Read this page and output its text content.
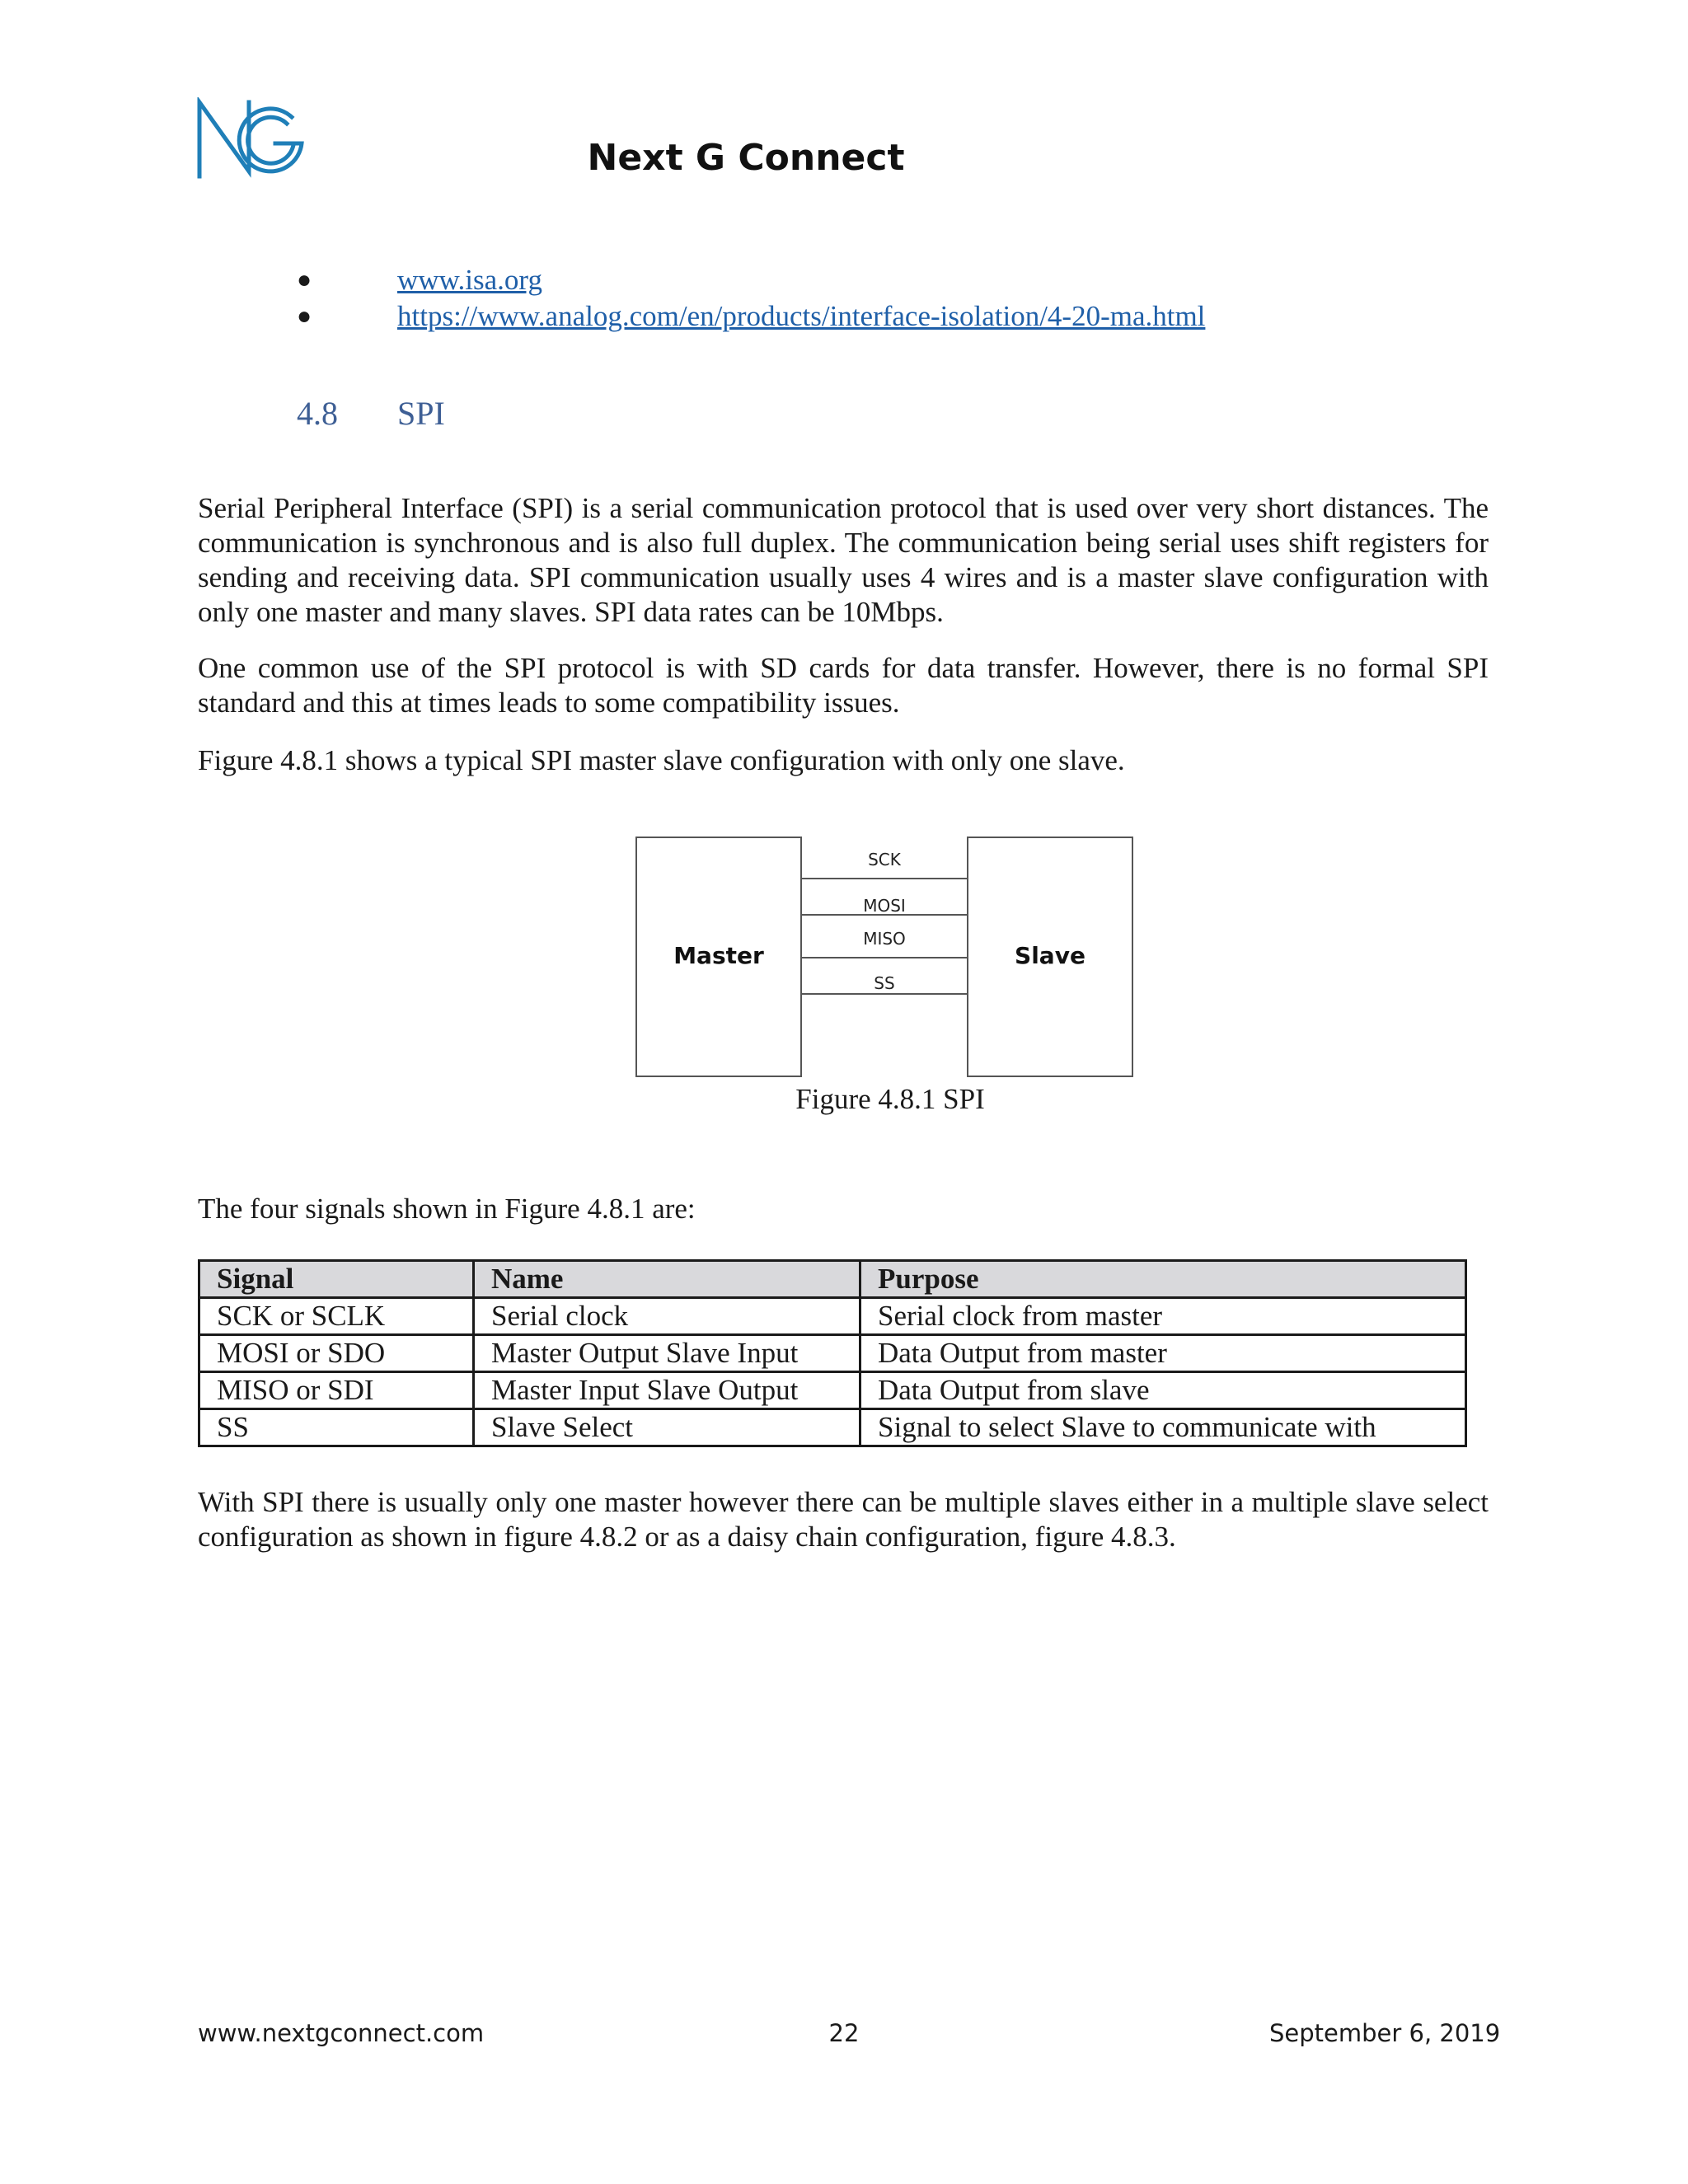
Next G Connect
●	www.isa.org
●	https://www.analog.com/en/products/interface-isolation/4-20-ma.html
4.8 SPI
Serial Peripheral Interface (SPI) is a serial communication protocol that is used over very short distances. The communication is synchronous and is also full duplex. The communication being serial uses shift registers for sending and receiving data. SPI communication usually uses 4 wires and is a master slave configuration with only one master and many slaves. SPI data rates can be 10Mbps.
One common use of the SPI protocol is with SD cards for data transfer. However, there is no formal SPI standard and this at times leads to some compatibility issues.
Figure 4.8.1 shows a typical SPI master slave configuration with only one slave.
Master	Slave
SCK
MOSI
MISO
SS
Figure 4.8.1 SPI
The four signals shown in Figure 4.8.1 are:
Signal	Name	Purpose
SCK or SCLK	Serial clock	Serial clock from master
MOSI or SDO	Master Output Slave Input	Data Output from master
MISO or SDI	Master Input Slave Output	Data Output from slave
SS	Slave Select	Signal to select Slave to communicate with
With SPI there is usually only one master however there can be multiple slaves either in a multiple slave select configuration as shown in figure 4.8.2 or as a daisy chain configuration, figure 4.8.3.
www.nextgconnect.com	22	September 6, 2019
